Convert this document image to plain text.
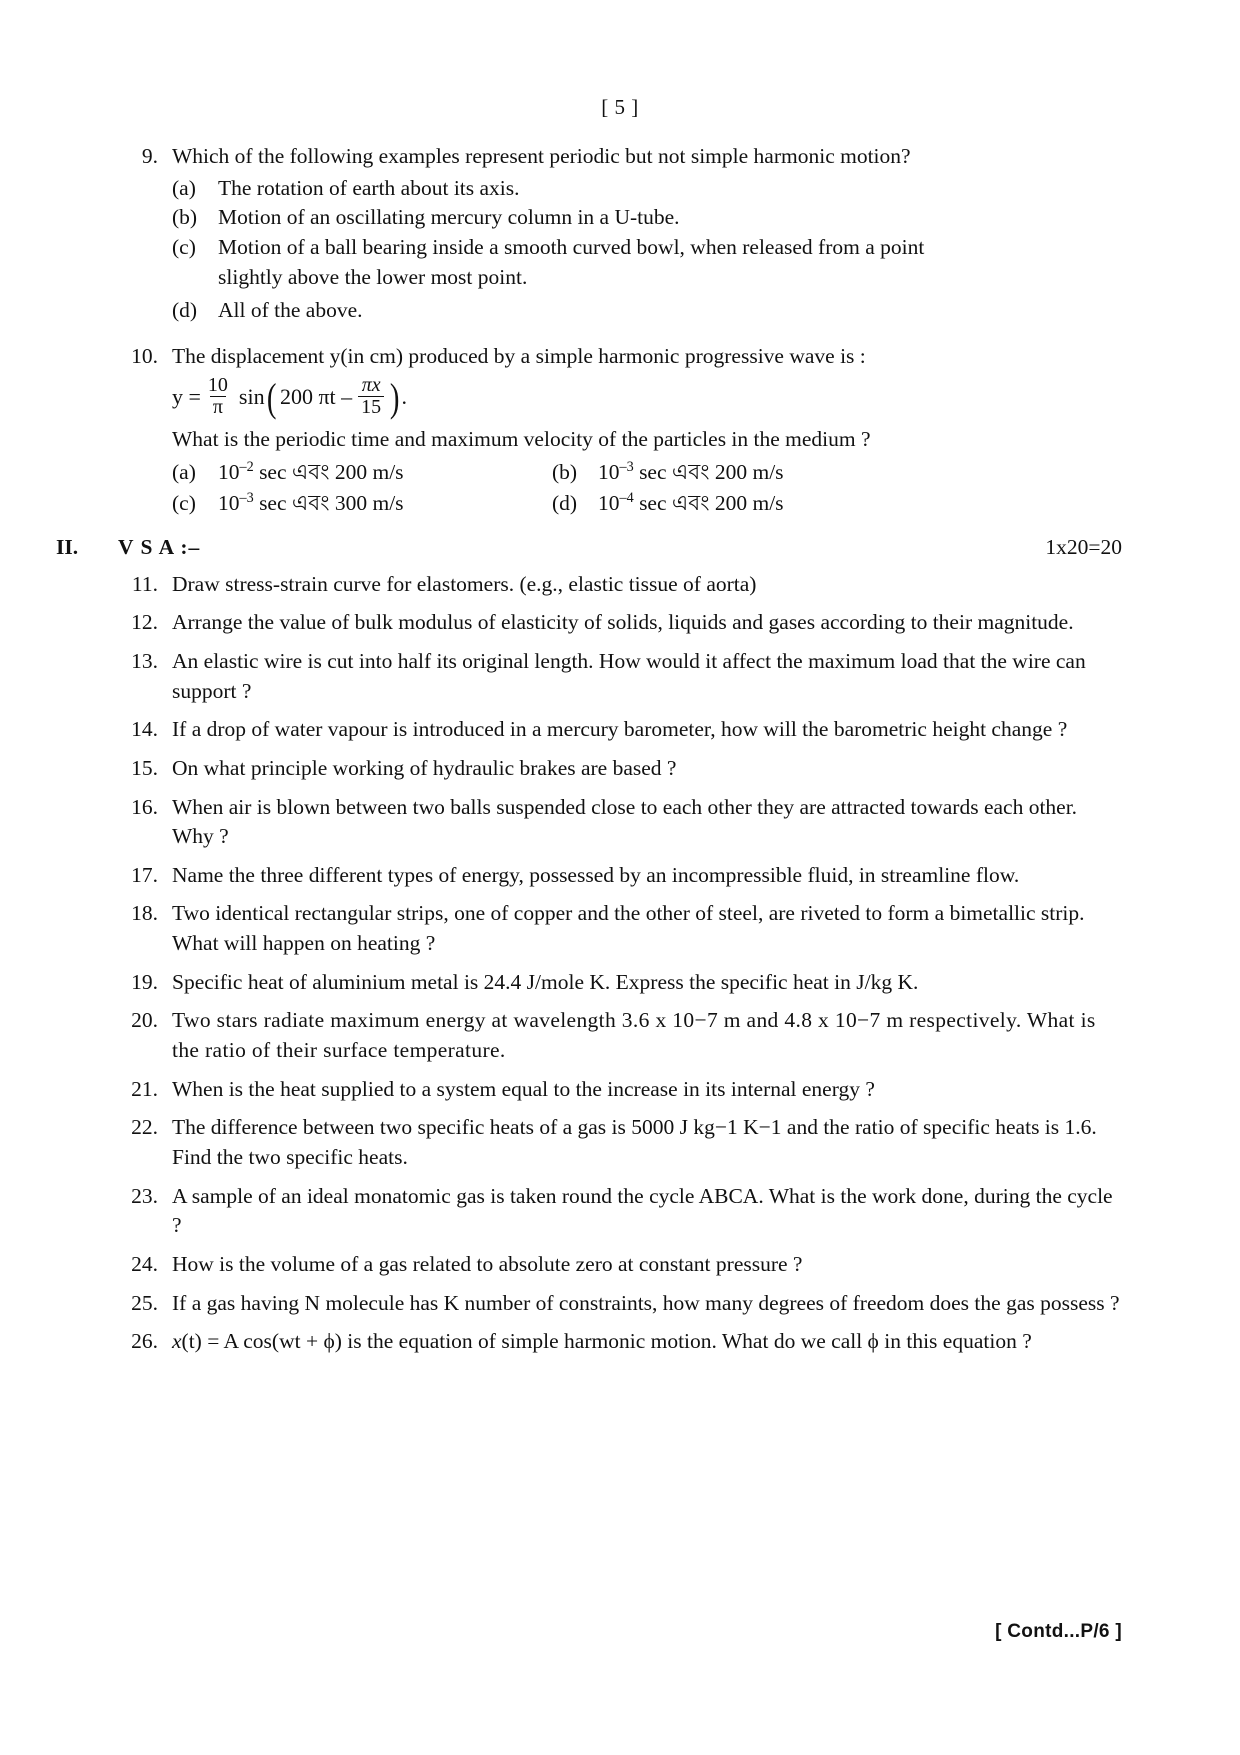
[ 5 ]
9. Which of the following examples represent periodic but not simple harmonic motion?
(a)	The rotation of earth about its axis.
(b) Motion of an oscillating mercury column in a U-tube.
(c)	Motion of a ball bearing inside a smooth curved bowl, when released from a point
slightly above the lower most point.
(d) All of the above.
10. The displacement y(in cm) produced by a simple harmonic progressive wave is :
$y = \frac{10}{\pi}$ sin ( 200 πt – $\frac{\pi x}{15}$ ) .
What is the periodic time and maximum velocity of the particles in the medium ?
(a)	$10^{-2}$ sec এবং 200 m/s	(b) $10^{-3}$ sec এবং 200 m/s
(c)	$10^{-3}$ sec এবং 300 m/s	(d) $10^{-4}$ sec এবং 200 m/s
II.	V S A :–	1x20=20
11. Draw stress-strain curve for elastomers. (e.g., elastic tissue of aorta)
12. Arrange the value of bulk modulus of elasticity of solids, liquids and gases according to their magnitude.
13. An elastic wire is cut into half its original length. How would it affect the maximum load that the wire can support ?
14. If a drop of water vapour is introduced in a mercury barometer, how will the barometric height change ?
15. On what principle working of hydraulic brakes are based ?
16. When air is blown between two balls suspended close to each other they are attracted towards each other. Why ?
17. Name the three different types of energy, possessed by an incompressible fluid, in streamline flow.
18. Two identical rectangular strips, one of copper and the other of steel, are riveted to form a bimetallic strip. What will happen on heating ?
19. Specific heat of aluminium metal is 24.4 J/mole K. Express the specific heat in J/kg K.
20. Two stars radiate maximum energy at wavelength 3.6 x 10−7 m and 4.8 x 10−7 m respectively. What is the ratio of their surface temperature.
21. When is the heat supplied to a system equal to the increase in its internal energy ?
22. The difference between two specific heats of a gas is 5000 J kg−1 K−1 and the ratio of specific heats is 1.6. Find the two specific heats.
23. A sample of an ideal monatomic gas is taken round the cycle ABCA. What is the work done, during the cycle ?
24. How is the volume of a gas related to absolute zero at constant pressure ?
25. If a gas having N molecule has K number of constraints, how many degrees of freedom does the gas possess ?
26. x(t) = A cos(wt + ϕ) is the equation of simple harmonic motion. What do we call ϕ in this equation ?
[ Contd...P/6 ]
